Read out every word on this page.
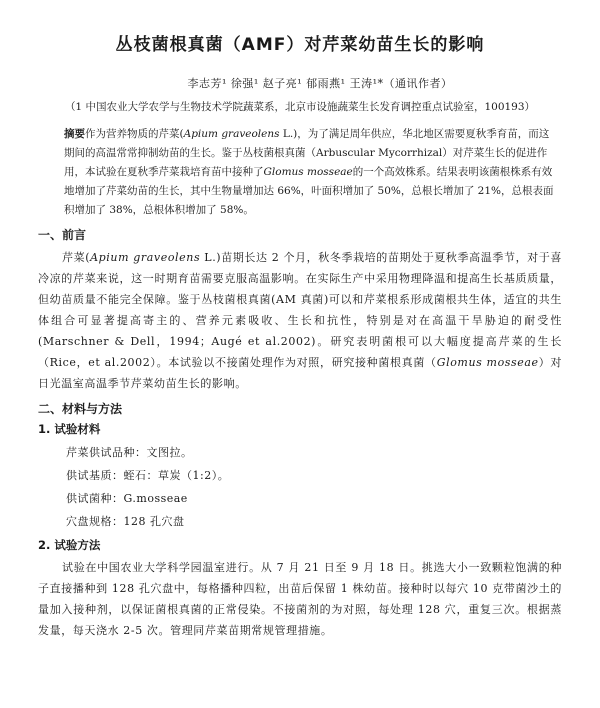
丛枝菌根真菌（AMF）对芹菜幼苗生长的影响
李志芳¹ 徐强¹ 赵子亮¹ 郁雨燕¹ 王涛¹*（通讯作者）
（1 中国农业大学农学与生物技术学院蔬菜系，北京市设施蔬菜生长发育调控重点试验室，100193）

摘要作为营养物质的芹菜(Apium graveolens L.)，为了满足周年供应，华北地区需要夏秋季育苗，而这期间的高温常常抑制幼苗的生长。鉴于丛枝菌根真菌（Arbuscular Mycorrhizal）对芹菜生长的促进作用，本试验在夏秋季芹菜栽培育苗中接种了Glomus mosseae的一个高效株系。结果表明该菌根株系有效地增加了芹菜幼苗的生长，其中生物量增加达 66%，叶面积增加了 50%，总根长增加了 21%，总根表面积增加了 38%，总根体积增加了 58%。

一、前言

芹菜(Apium graveolens L.)苗期长达 2 个月，秋冬季栽培的苗期处于夏秋季高温季节，对于喜冷凉的芹菜来说，这一时期育苗需要克服高温影响。在实际生产中采用物理降温和提高生长基质质量，但幼苗质量不能完全保障。鉴于丛枝菌根真菌(AM 真菌)可以和芹菜根系形成菌根共生体，适宜的共生体组合可显著提高寄主的、营养元素吸收、生长和抗性，特别是对在高温干旱胁迫的耐受性(Marschner & Dell，1994；Augé et al.2002)。研究表明菌根可以大幅度提高芹菜的生长（Rice，et al.2002）。本试验以不接菌处理作为对照，研究接种菌根真菌（Glomus mosseae）对日光温室高温季节芹菜幼苗生长的影响。

二、材料与方法
1. 试验材料
芹菜供试品种：文图拉。
供试基质：蛭石：草炭（1:2）。
供试菌种：G.mosseae
穴盘规格：128 孔穴盘
2. 试验方法

试验在中国农业大学科学园温室进行。从 7 月 21 日至 9 月 18 日。挑选大小一致颗粒饱满的种子直接播种到 128 孔穴盘中，每格播种四粒，出苗后保留 1 株幼苗。接种时以每穴 10 克带菌沙土的量加入接种剂，以保证菌根真菌的正常侵染。不接菌剂的为对照，每处理 128 穴，重复三次。根据蒸发量，每天浇水 2-5 次。管理同芹菜苗期常规管理措施。
